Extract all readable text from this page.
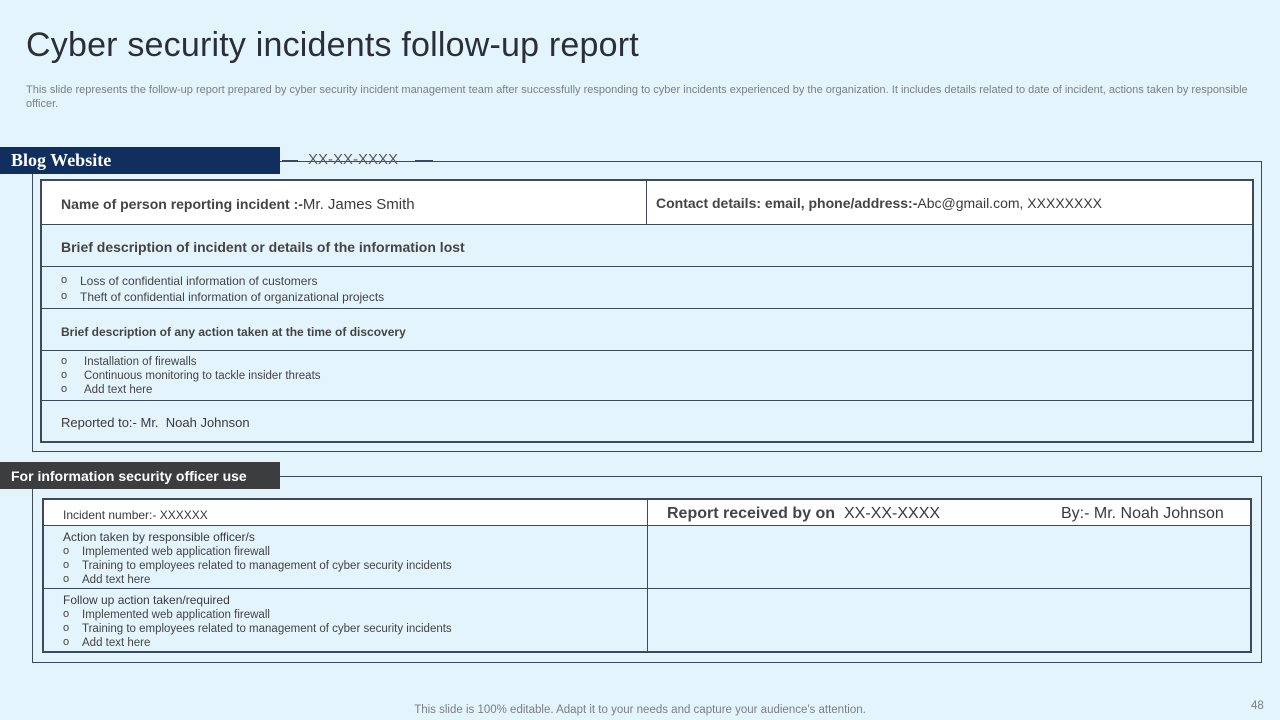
Cyber security incidents follow-up report
This slide represents the follow-up report prepared by cyber security incident management team after successfully responding to cyber incidents experienced by the organization. It includes details related to date of incident, actions taken by responsible officer.
Blog Website	XX-XX-XXXX
Name of person reporting incident :-Mr. James Smith	Contact details: email, phone/address:-Abc@gmail.com, XXXXXXXX
Brief description of incident or details of the information lost
o Loss of confidential information of customers
o Theft of confidential information of organizational projects
Brief description of any action taken at the time of discovery
o Installation of firewalls
o Continuous monitoring to tackle insider threats
o Add text here
Reported to:- Mr.  Noah Johnson
For information security officer use
Incident number:- XXXXXX	Report received by on XX-XX-XXXX	By:- Mr. Noah Johnson
Action taken by responsible officer/s
o Implemented web application firewall
o Training to employees related to management of cyber security incidents
o Add text here
Follow up action taken/required
o Implemented web application firewall
o Training to employees related to management of cyber security incidents
o Add text here
This slide is 100% editable. Adapt it to your needs and capture your audience's attention.	48
